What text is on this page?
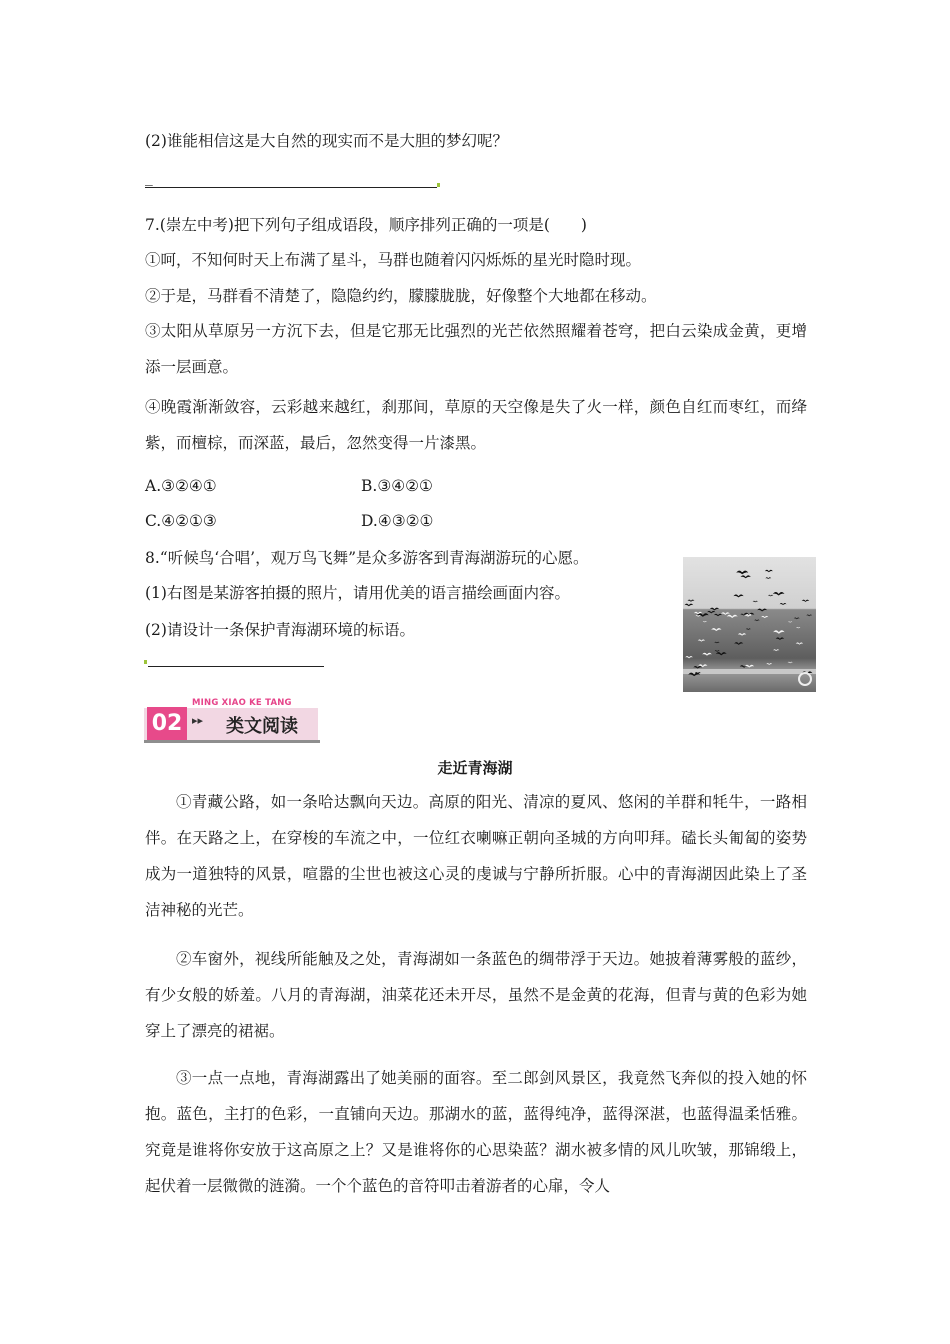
(2)谁能相信这是大自然的现实而不是大胆的梦幻呢？
_
7.(崇左中考)把下列句子组成语段，顺序排列正确的一项是(　　)
①呵，不知何时天上布满了星斗，马群也随着闪闪烁烁的星光时隐时现。
②于是，马群看不清楚了，隐隐约约，朦朦胧胧，好像整个大地都在移动。
③太阳从草原另一方沉下去，但是它那无比强烈的光芒依然照耀着苍穹，把白云染成金黄，更增添一层画意。
④晚霞渐渐敛容，云彩越来越红，刹那间，草原的天空像是失了火一样，颜色自红而枣红，而绛紫，而檀棕，而深蓝，最后，忽然变得一片漆黑。
A.③②④①	B.③④②①
C.④②①③	D.④③②①
8.“听候鸟‘合唱’，观万鸟飞舞”是众多游客到青海湖游玩的心愿。
(1)右图是某游客拍摄的照片，请用优美的语言描绘画面内容。
(2)请设计一条保护青海湖环境的标语。
02
MING XIAO KE TANG
▸▸ 类文阅读
走近青海湖
①青藏公路，如一条哈达飘向天边。高原的阳光、清凉的夏风、悠闲的羊群和牦牛，一路相伴。在天路之上，在穿梭的车流之中，一位红衣喇嘛正朝向圣城的方向叩拜。磕长头匍匐的姿势成为一道独特的风景，喧嚣的尘世也被这心灵的虔诚与宁静所折服。心中的青海湖因此染上了圣洁神秘的光芒。
②车窗外，视线所能触及之处，青海湖如一条蓝色的绸带浮于天边。她披着薄雾般的蓝纱，有少女般的娇羞。八月的青海湖，油菜花还未开尽，虽然不是金黄的花海，但青与黄的色彩为她穿上了漂亮的裙裾。
③一点一点地，青海湖露出了她美丽的面容。至二郎剑风景区，我竟然飞奔似的投入她的怀抱。蓝色，主打的色彩，一直铺向天边。那湖水的蓝，蓝得纯净，蓝得深湛，也蓝得温柔恬雅。究竟是谁将你安放于这高原之上？又是谁将你的心思染蓝？湖水被多情的风儿吹皱，那锦缎上，起伏着一层微微的涟漪。一个个蓝色的音符叩击着游者的心扉，令人
